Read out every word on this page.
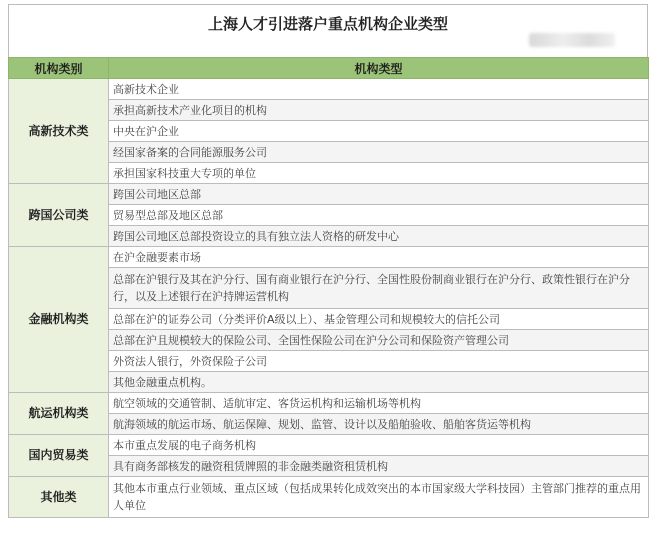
上海人才引进落户重点机构企业类型
机构类别	机构类型
高新技术类	高新技术企业
	承担高新技术产业化项目的机构
	中央在沪企业
	经国家备案的合同能源服务公司
	承担国家科技重大专项的单位
跨国公司类	跨国公司地区总部
	贸易型总部及地区总部
	跨国公司地区总部投资设立的具有独立法人资格的研发中心
金融机构类	在沪金融要素市场
	总部在沪银行及其在沪分行、国有商业银行在沪分行、全国性股份制商业银行在沪分行、政策性银行在沪分行，以及上述银行在沪持牌运营机构
	总部在沪的证券公司（分类评价A级以上）、基金管理公司和规模较大的信托公司
	总部在沪且规模较大的保险公司、全国性保险公司在沪分公司和保险资产管理公司
	外资法人银行，外资保险子公司
	其他金融重点机构。
航运机构类	航空领域的交通管制、适航审定、客货运机构和运输机场等机构
	航海领域的航运市场、航运保障、规划、监管、设计以及船舶验收、船舶客货运等机构
国内贸易类	本市重点发展的电子商务机构
	具有商务部核发的融资租赁牌照的非金融类融资租赁机构
其他类	其他本市重点行业领域、重点区域（包括成果转化成效突出的本市国家级大学科技园）主管部门推荐的重点用人单位
